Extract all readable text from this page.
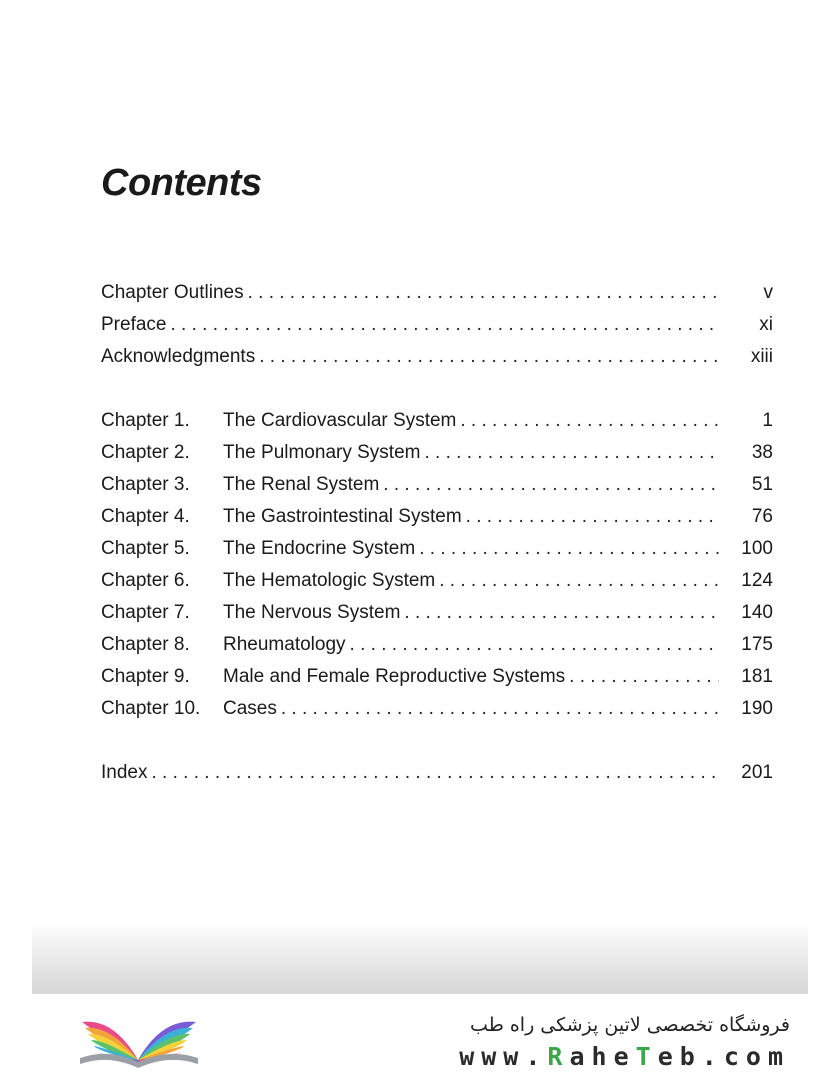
Contents
Chapter Outlines . . .	v
Preface . . .	xi
Acknowledgments . . .	xiii
Chapter 1.	The Cardiovascular System . . .	1
Chapter 2.	The Pulmonary System . . .	38
Chapter 3.	The Renal System . . .	51
Chapter 4.	The Gastrointestinal System . . .	76
Chapter 5.	The Endocrine System . . .	100
Chapter 6.	The Hematologic System . . .	124
Chapter 7.	The Nervous System . . .	140
Chapter 8.	Rheumatology . . .	175
Chapter 9.	Male and Female Reproductive Systems . . .	181
Chapter 10.	Cases . . .	190
Index . . .	201
فروشگاه تخصصی لاتین پزشکی راه طب
www.RaheTeb.com
